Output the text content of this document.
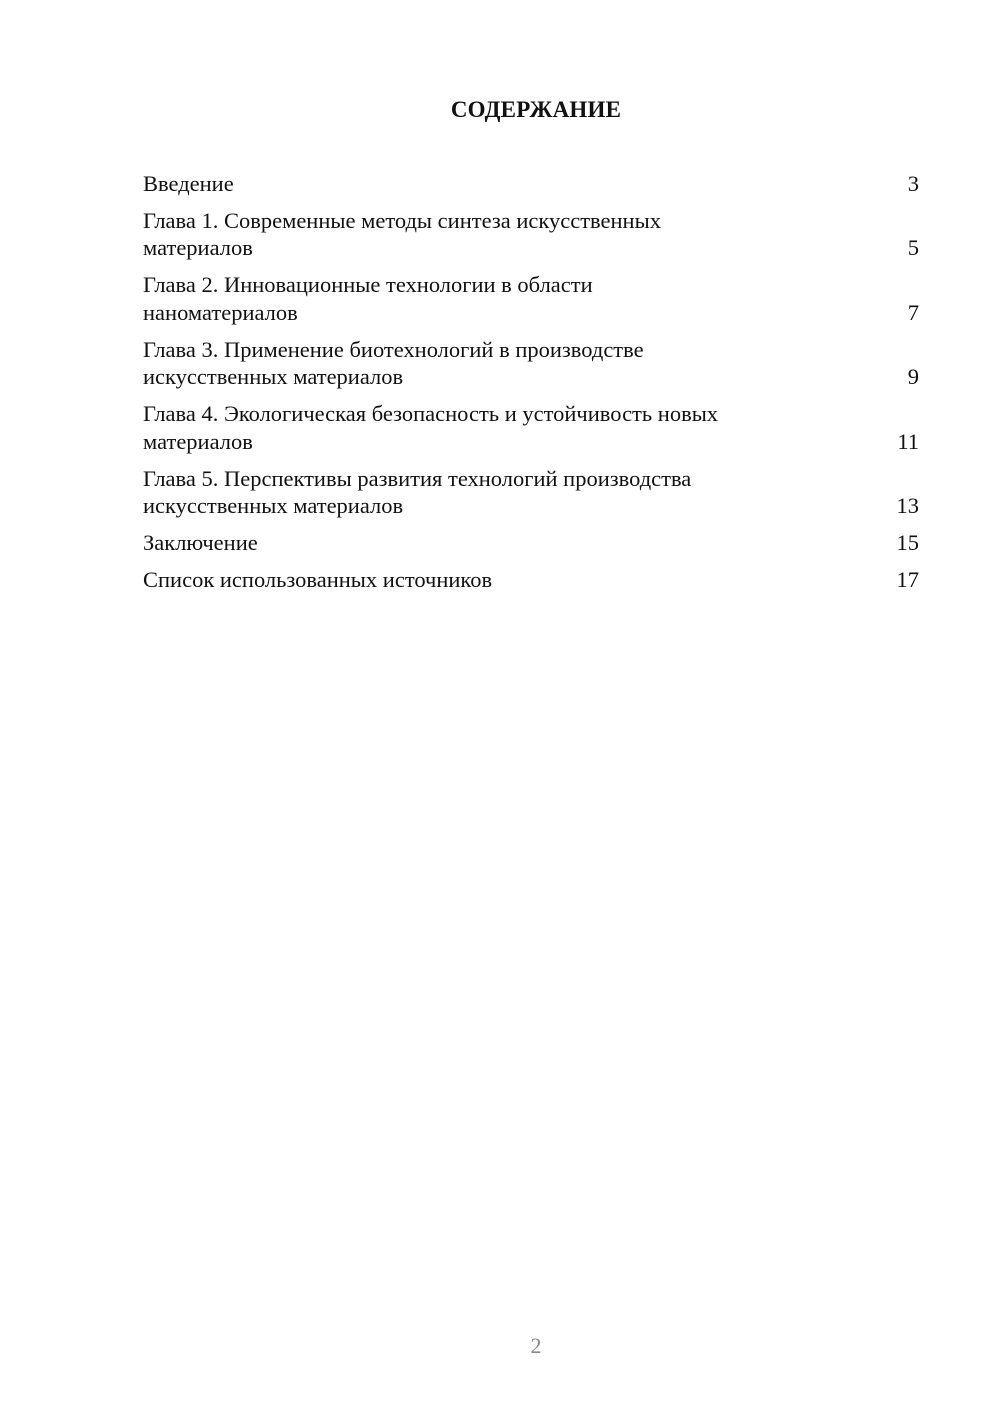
СОДЕРЖАНИЕ
Введение	3
Глава 1. Современные методы синтеза искусственных
материалов	5
Глава 2. Инновационные технологии в области
наноматериалов	7
Глава 3. Применение биотехнологий в производстве
искусственных материалов	9
Глава 4. Экологическая безопасность и устойчивость новых
материалов	11
Глава 5. Перспективы развития технологий производства
искусственных материалов	13
Заключение	15
Список использованных источников	17
2
